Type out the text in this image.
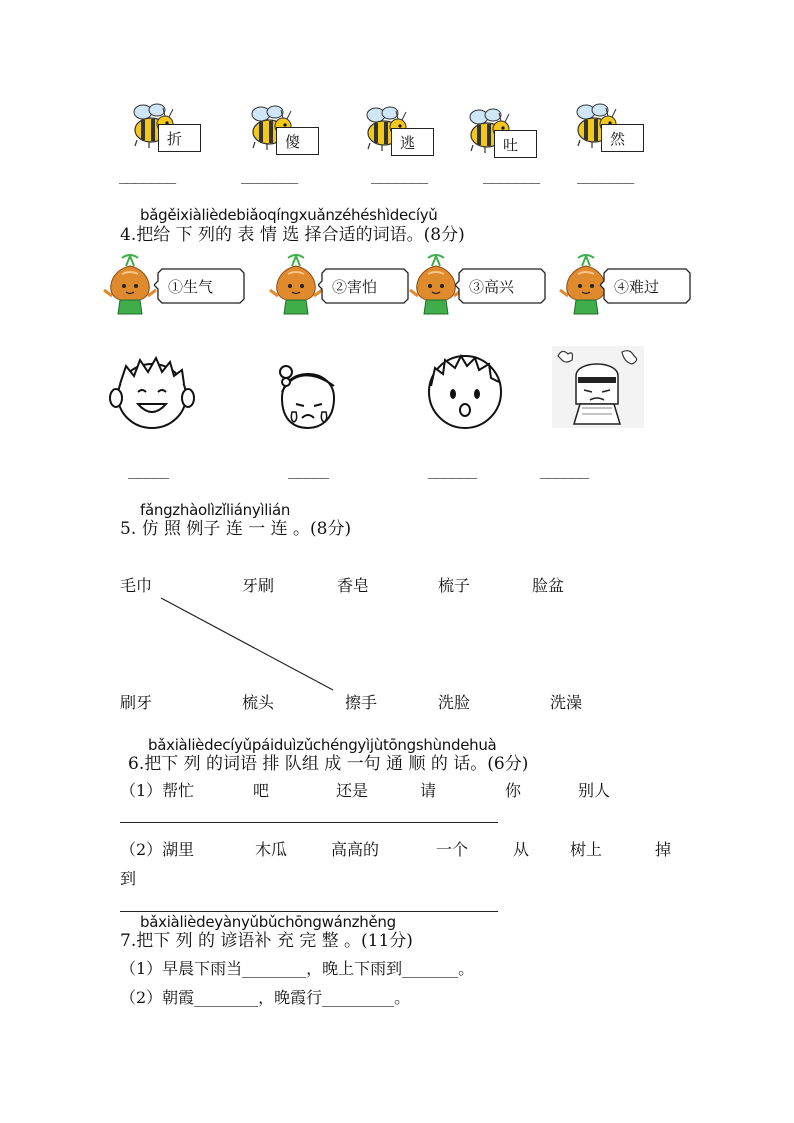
折	傻	逃	吐	然
_______	_______	_______	_______	_______
bǎgěixiàlièdebiǎoqíngxuǎnzéhéshìdecíyǔ
4.把给 下 列的 表 情 选 择合适的词语。(8分)
①生气	②害怕	③高兴	④难过
_____	_____	______	______
fǎngzhàolìzǐliányìlián
5. 仿 照 例子 连 一 连 。(8分)
毛巾	牙刷	香皂	梳子	脸盆
刷牙	梳头	擦手	洗脸	洗澡
bǎxiàlièdecíyǔpáiduìzǔchéngyìjùtōngshùndehuà
6.把下 列 的词语 排 队组 成 一句 通 顺 的 话。(6分)
（1）帮忙	吧	还是	请	你	别人
（2）湖里	木瓜	高高的	一个	从	树上	掉
到
bǎxiàlièdeyànyǔbǔchōngwánzhěng
7.把下 列 的 谚语补 充 完 整 。(11分)
（1）早晨下雨当________，晚上下雨到_______。
（2）朝霞________，晚霞行_________。
